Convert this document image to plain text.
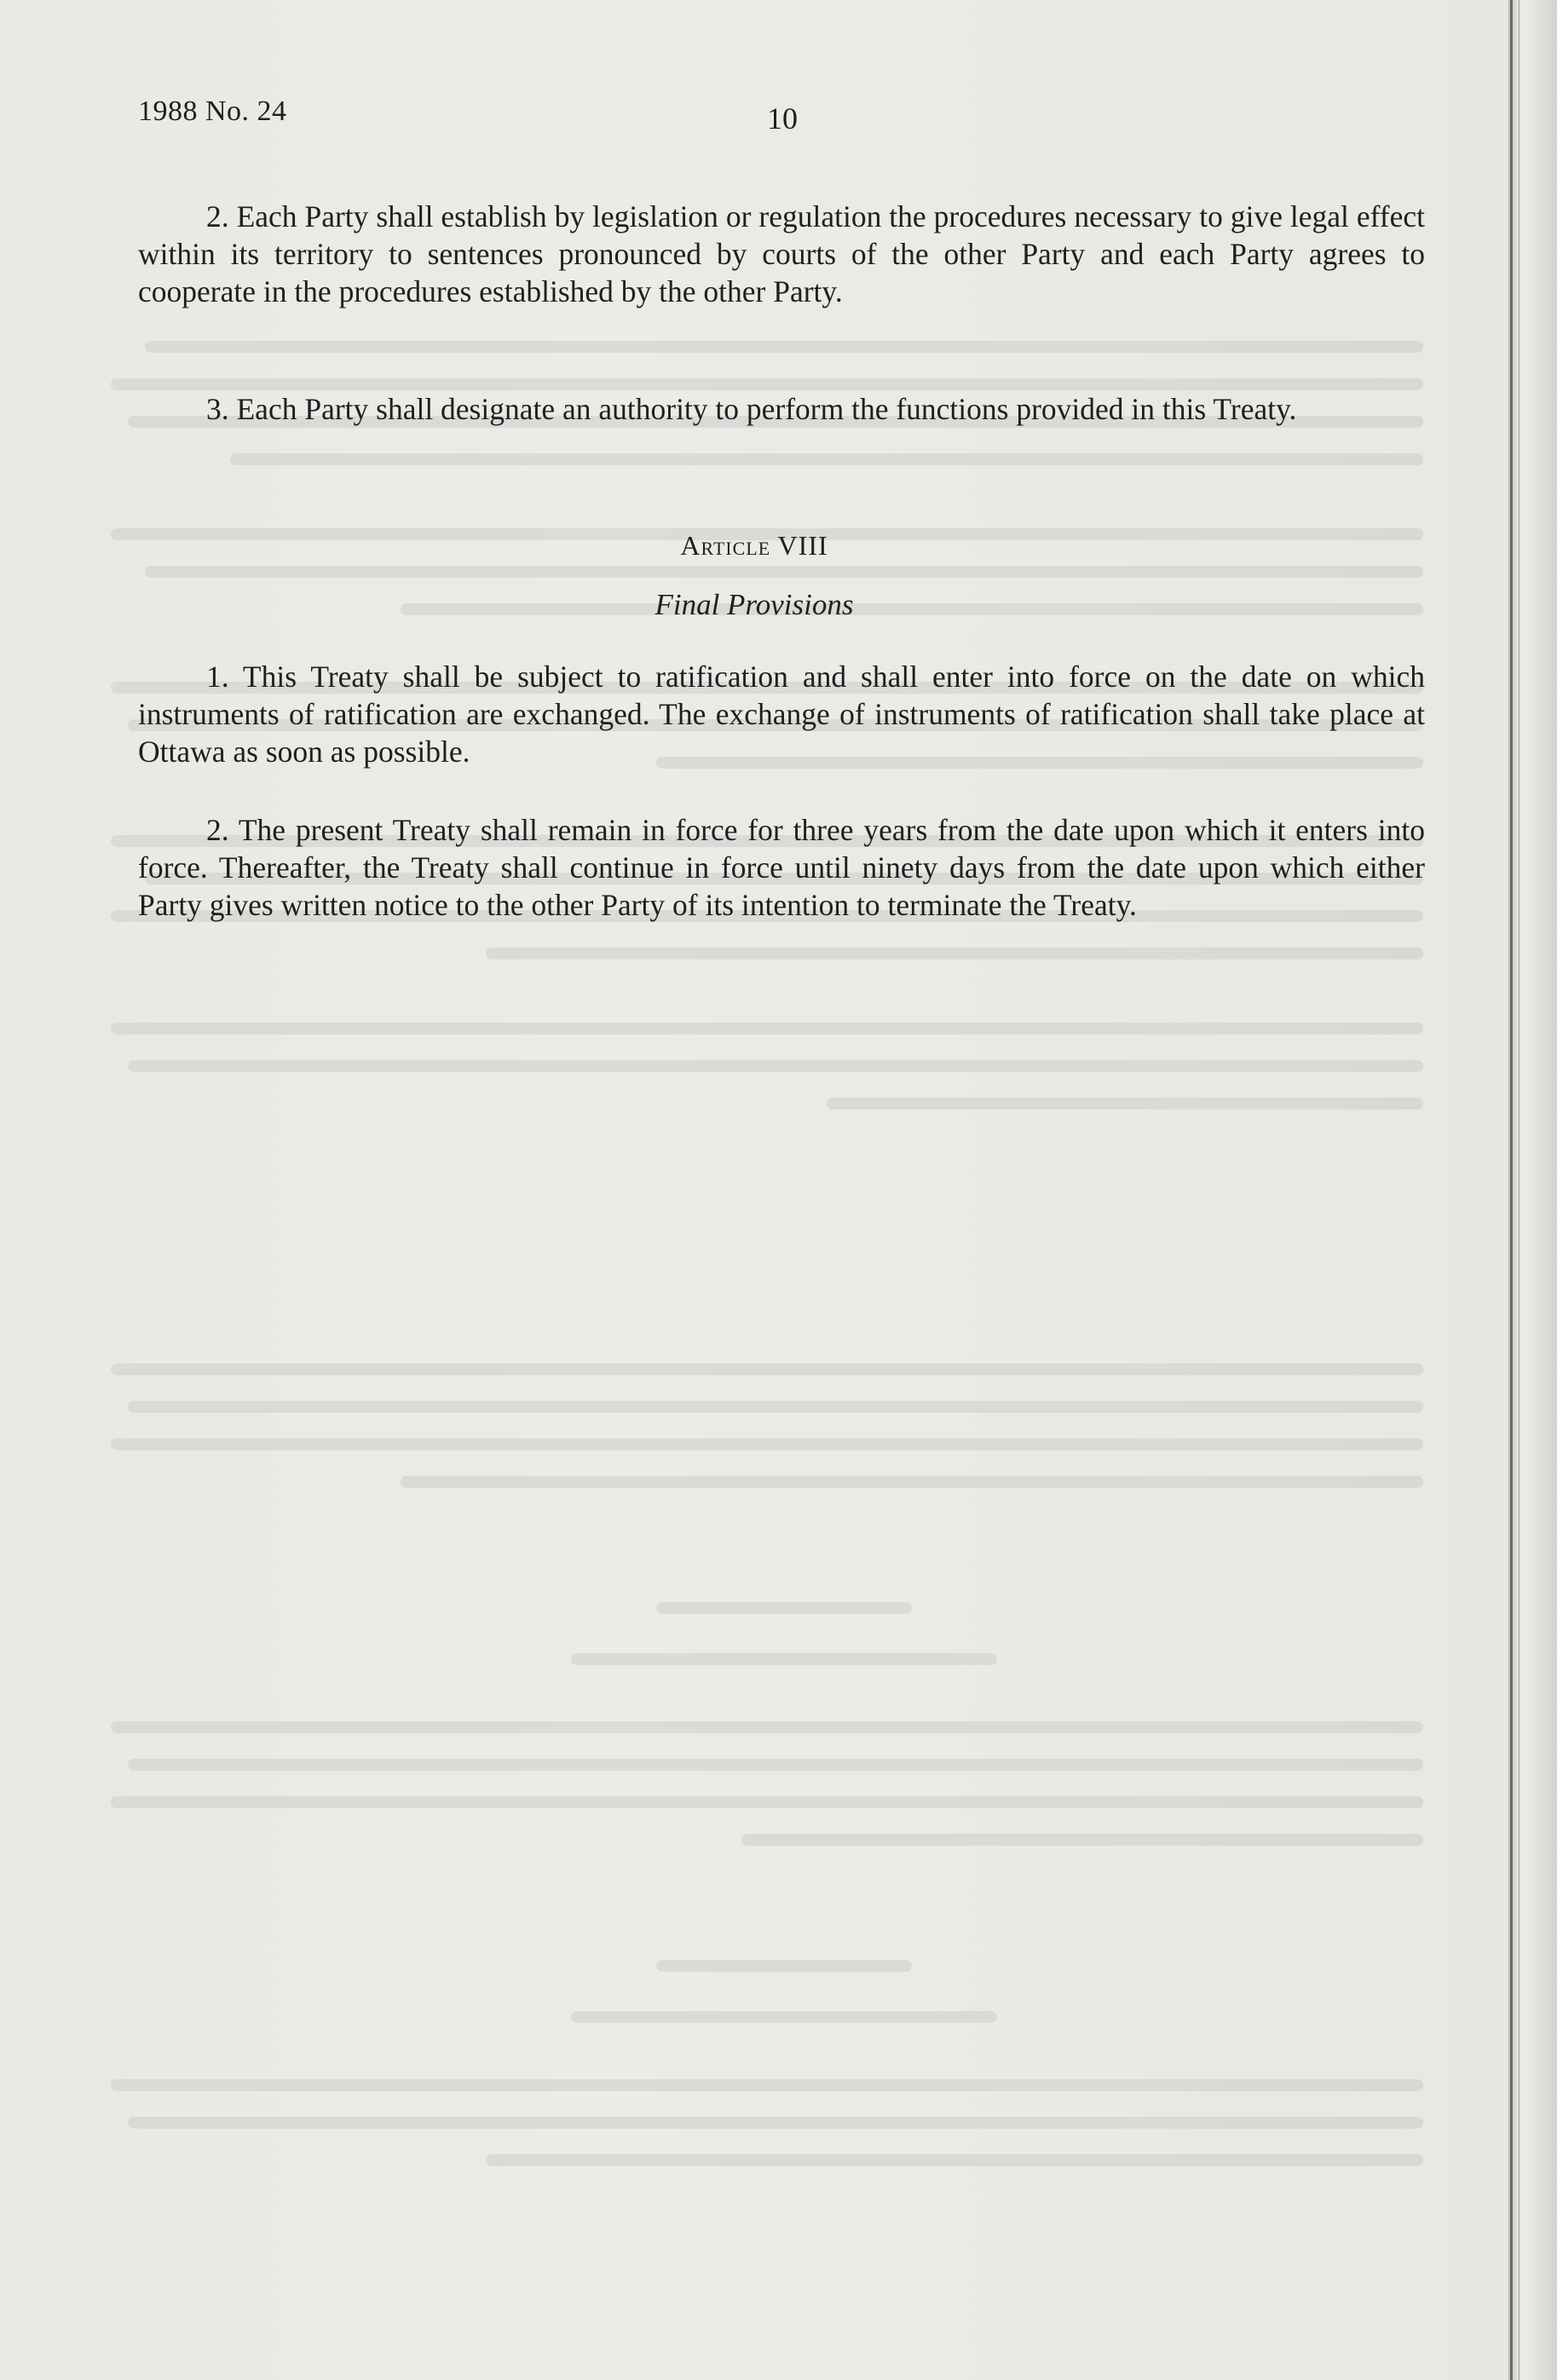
1988 No. 24	10
2. Each Party shall establish by legislation or regulation the procedures necessary to give legal effect within its territory to sentences pronounced by courts of the other Party and each Party agrees to cooperate in the procedures established by the other Party.
3. Each Party shall designate an authority to perform the functions provided in this Treaty.
Article VIII
Final Provisions
1. This Treaty shall be subject to ratification and shall enter into force on the date on which instruments of ratification are exchanged. The exchange of instruments of ratification shall take place at Ottawa as soon as possible.
2. The present Treaty shall remain in force for three years from the date upon which it enters into force. Thereafter, the Treaty shall continue in force until ninety days from the date upon which either Party gives written notice to the other Party of its intention to terminate the Treaty.
